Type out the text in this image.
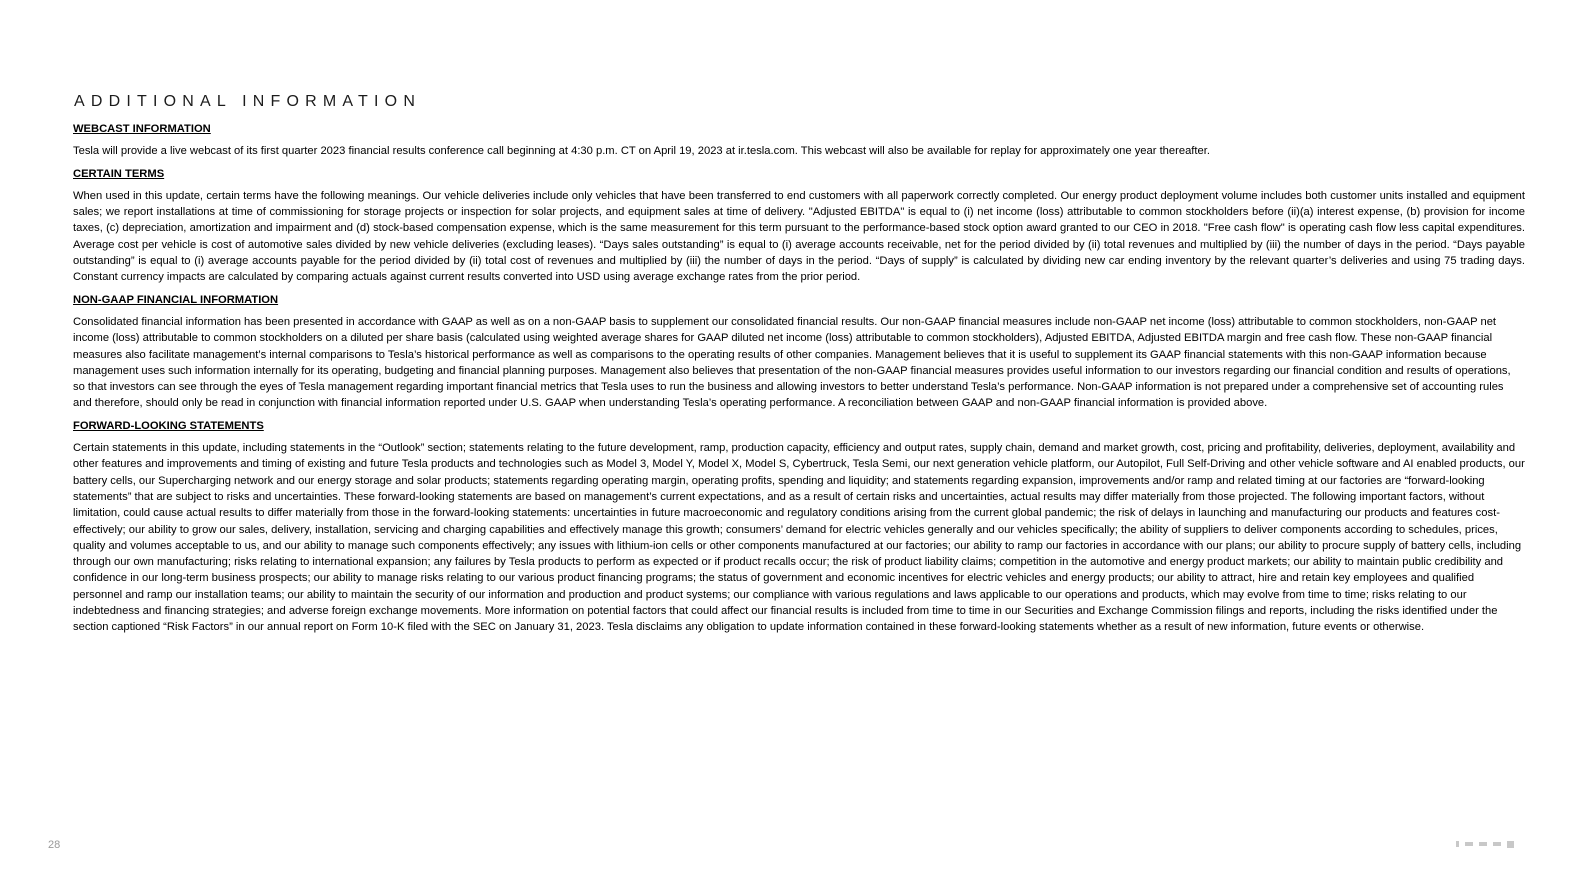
ADDITIONAL INFORMATION
WEBCAST INFORMATION

Tesla will provide a live webcast of its first quarter 2023 financial results conference call beginning at 4:30 p.m. CT on April 19, 2023 at ir.tesla.com. This webcast will also be available for replay for approximately one year thereafter.

CERTAIN TERMS

When used in this update, certain terms have the following meanings. Our vehicle deliveries include only vehicles that have been transferred to end customers with all paperwork correctly completed. Our energy product deployment volume includes both customer units installed and equipment sales; we report installations at time of commissioning for storage projects or inspection for solar projects, and equipment sales at time of delivery. "Adjusted EBITDA" is equal to (i) net income (loss) attributable to common stockholders before (ii)(a) interest expense, (b) provision for income taxes, (c) depreciation, amortization and impairment and (d) stock-based compensation expense, which is the same measurement for this term pursuant to the performance-based stock option award granted to our CEO in 2018. "Free cash flow" is operating cash flow less capital expenditures. Average cost per vehicle is cost of automotive sales divided by new vehicle deliveries (excluding leases). “Days sales outstanding” is equal to (i) average accounts receivable, net for the period divided by (ii) total revenues and multiplied by (iii) the number of days in the period. “Days payable outstanding” is equal to (i) average accounts payable for the period divided by (ii) total cost of revenues and multiplied by (iii) the number of days in the period. “Days of supply” is calculated by dividing new car ending inventory by the relevant quarter’s deliveries and using 75 trading days. Constant currency impacts are calculated by comparing actuals against current results converted into USD using average exchange rates from the prior period.

NON-GAAP FINANCIAL INFORMATION

Consolidated financial information has been presented in accordance with GAAP as well as on a non-GAAP basis to supplement our consolidated financial results. Our non-GAAP financial measures include non-GAAP net income (loss) attributable to common stockholders, non-GAAP net income (loss) attributable to common stockholders on a diluted per share basis (calculated using weighted average shares for GAAP diluted net income (loss) attributable to common stockholders), Adjusted EBITDA, Adjusted EBITDA margin and free cash flow. These non-GAAP financial measures also facilitate management’s internal comparisons to Tesla’s historical performance as well as comparisons to the operating results of other companies. Management believes that it is useful to supplement its GAAP financial statements with this non-GAAP information because management uses such information internally for its operating, budgeting and financial planning purposes. Management also believes that presentation of the non-GAAP financial measures provides useful information to our investors regarding our financial condition and results of operations, so that investors can see through the eyes of Tesla management regarding important financial metrics that Tesla uses to run the business and allowing investors to better understand Tesla’s performance. Non-GAAP information is not prepared under a comprehensive set of accounting rules and therefore, should only be read in conjunction with financial information reported under U.S. GAAP when understanding Tesla’s operating performance. A reconciliation between GAAP and non-GAAP financial information is provided above.

FORWARD-LOOKING STATEMENTS

Certain statements in this update, including statements in the “Outlook” section; statements relating to the future development, ramp, production capacity, efficiency and output rates, supply chain, demand and market growth, cost, pricing and profitability, deliveries, deployment, availability and other features and improvements and timing of existing and future Tesla products and technologies such as Model 3, Model Y, Model X, Model S, Cybertruck, Tesla Semi, our next generation vehicle platform, our Autopilot, Full Self-Driving and other vehicle software and AI enabled products, our battery cells, our Supercharging network and our energy storage and solar products; statements regarding operating margin, operating profits, spending and liquidity; and statements regarding expansion, improvements and/or ramp and related timing at our factories are “forward-looking statements” that are subject to risks and uncertainties. These forward-looking statements are based on management’s current expectations, and as a result of certain risks and uncertainties, actual results may differ materially from those projected. The following important factors, without limitation, could cause actual results to differ materially from those in the forward-looking statements: uncertainties in future macroeconomic and regulatory conditions arising from the current global pandemic; the risk of delays in launching and manufacturing our products and features cost-effectively; our ability to grow our sales, delivery, installation, servicing and charging capabilities and effectively manage this growth; consumers’ demand for electric vehicles generally and our vehicles specifically; the ability of suppliers to deliver components according to schedules, prices, quality and volumes acceptable to us, and our ability to manage such components effectively; any issues with lithium-ion cells or other components manufactured at our factories; our ability to ramp our factories in accordance with our plans; our ability to procure supply of battery cells, including through our own manufacturing; risks relating to international expansion; any failures by Tesla products to perform as expected or if product recalls occur; the risk of product liability claims; competition in the automotive and energy product markets; our ability to maintain public credibility and confidence in our long-term business prospects; our ability to manage risks relating to our various product financing programs; the status of government and economic incentives for electric vehicles and energy products; our ability to attract, hire and retain key employees and qualified personnel and ramp our installation teams; our ability to maintain the security of our information and production and product systems; our compliance with various regulations and laws applicable to our operations and products, which may evolve from time to time; risks relating to our indebtedness and financing strategies; and adverse foreign exchange movements. More information on potential factors that could affect our financial results is included from time to time in our Securities and Exchange Commission filings and reports, including the risks identified under the section captioned “Risk Factors” in our annual report on Form 10-K filed with the SEC on January 31, 2023. Tesla disclaims any obligation to update information contained in these forward-looking statements whether as a result of new information, future events or otherwise.

28
